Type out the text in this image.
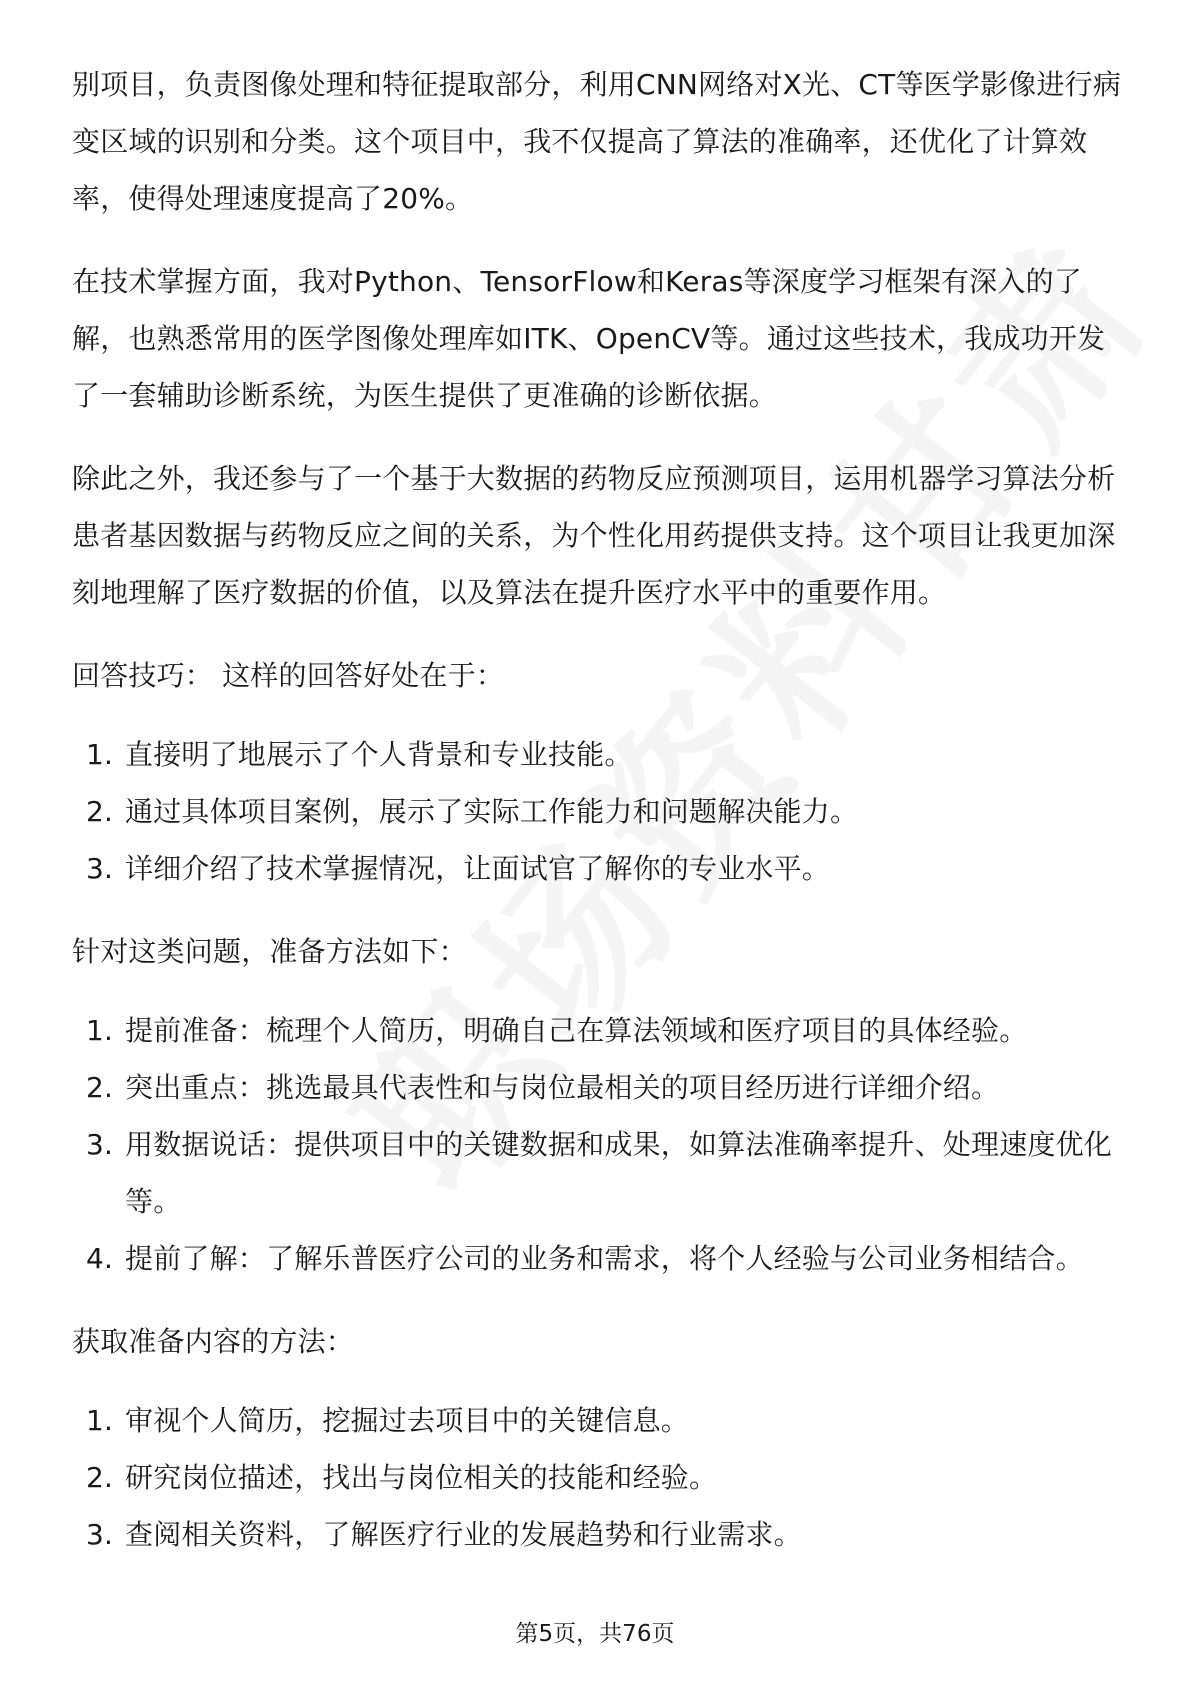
别项目，负责图像处理和特征提取部分，利用CNN网络对X光、CT等医学影像进行病变区域的识别和分类。这个项目中，我不仅提高了算法的准确率，还优化了计算效率，使得处理速度提高了20%。

在技术掌握方面，我对Python、TensorFlow和Keras等深度学习框架有深入的了解，也熟悉常用的医学图像处理库如ITK、OpenCV等。通过这些技术，我成功开发了一套辅助诊断系统，为医生提供了更准确的诊断依据。

除此之外，我还参与了一个基于大数据的药物反应预测项目，运用机器学习算法分析患者基因数据与药物反应之间的关系，为个性化用药提供支持。这个项目让我更加深刻地理解了医疗数据的价值，以及算法在提升医疗水平中的重要作用。

回答技巧： 这样的回答好处在于：

1. 直接明了地展示了个人背景和专业技能。
2. 通过具体项目案例，展示了实际工作能力和问题解决能力。
3. 详细介绍了技术掌握情况，让面试官了解你的专业水平。

针对这类问题，准备方法如下：

1. 提前准备：梳理个人简历，明确自己在算法领域和医疗项目的具体经验。
2. 突出重点：挑选最具代表性和与岗位最相关的项目经历进行详细介绍。
3. 用数据说话：提供项目中的关键数据和成果，如算法准确率提升、处理速度优化等。
4. 提前了解：了解乐普医疗公司的业务和需求，将个人经验与公司业务相结合。

获取准备内容的方法：

1. 审视个人简历，挖掘过去项目中的关键信息。
2. 研究岗位描述，找出与岗位相关的技能和经验。
3. 查阅相关资料，了解医疗行业的发展趋势和行业需求。
第5页，共76页
